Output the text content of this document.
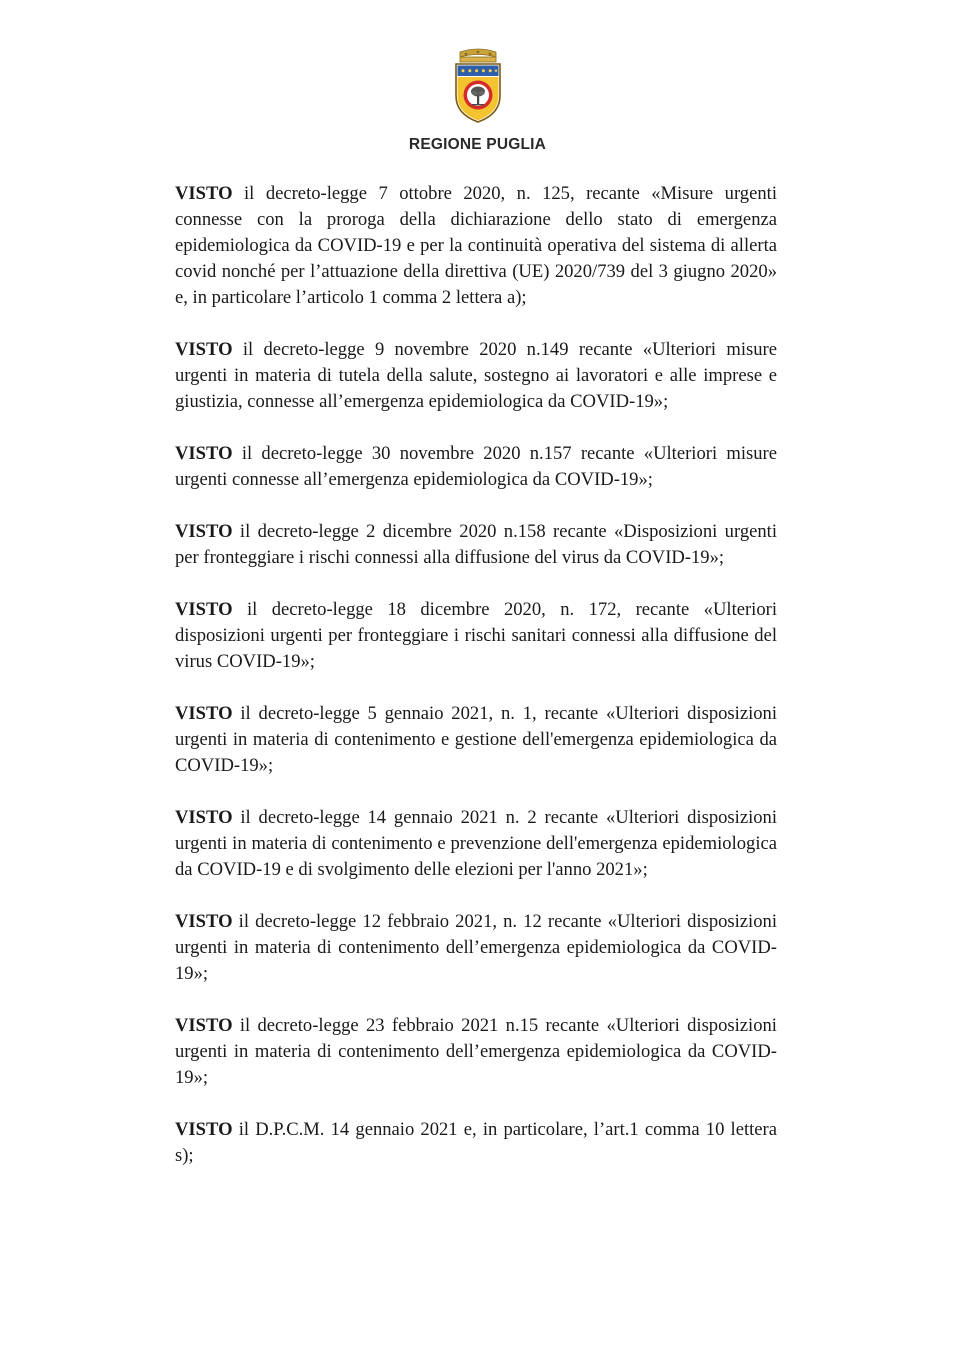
REGIONE PUGLIA

VISTO il decreto-legge 7 ottobre 2020, n. 125, recante «Misure urgenti connesse con la proroga della dichiarazione dello stato di emergenza epidemiologica da COVID-19 e per la continuità operativa del sistema di allerta covid nonché per l’attuazione della direttiva (UE) 2020/739 del 3 giugno 2020» e, in particolare l’articolo 1 comma 2 lettera a);

VISTO il decreto-legge 9 novembre 2020 n.149 recante «Ulteriori misure urgenti in materia di tutela della salute, sostegno ai lavoratori e alle imprese e giustizia, connesse all’emergenza epidemiologica da COVID-19»;

VISTO il decreto-legge 30 novembre 2020 n.157 recante «Ulteriori misure urgenti connesse all’emergenza epidemiologica da COVID-19»;

VISTO il decreto-legge 2 dicembre 2020 n.158 recante «Disposizioni urgenti per fronteggiare i rischi connessi alla diffusione del virus da COVID-19»;

VISTO il decreto-legge 18 dicembre 2020, n. 172, recante «Ulteriori disposizioni urgenti per fronteggiare i rischi sanitari connessi alla diffusione del virus COVID-19»;

VISTO il decreto-legge 5 gennaio 2021, n. 1, recante «Ulteriori disposizioni urgenti in materia di contenimento e gestione dell'emergenza epidemiologica da COVID-19»;

VISTO il decreto-legge 14 gennaio 2021 n. 2 recante «Ulteriori disposizioni urgenti in materia di contenimento e prevenzione dell'emergenza epidemiologica da COVID-19 e di svolgimento delle elezioni per l'anno 2021»;

VISTO il decreto-legge 12 febbraio 2021, n. 12 recante «Ulteriori disposizioni urgenti in materia di contenimento dell’emergenza epidemiologica da COVID-19»;

VISTO il decreto-legge 23 febbraio 2021 n.15 recante «Ulteriori disposizioni urgenti in materia di contenimento dell’emergenza epidemiologica da COVID-19»;

VISTO il D.P.C.M. 14 gennaio 2021 e, in particolare, l’art.1 comma 10 lettera s);
